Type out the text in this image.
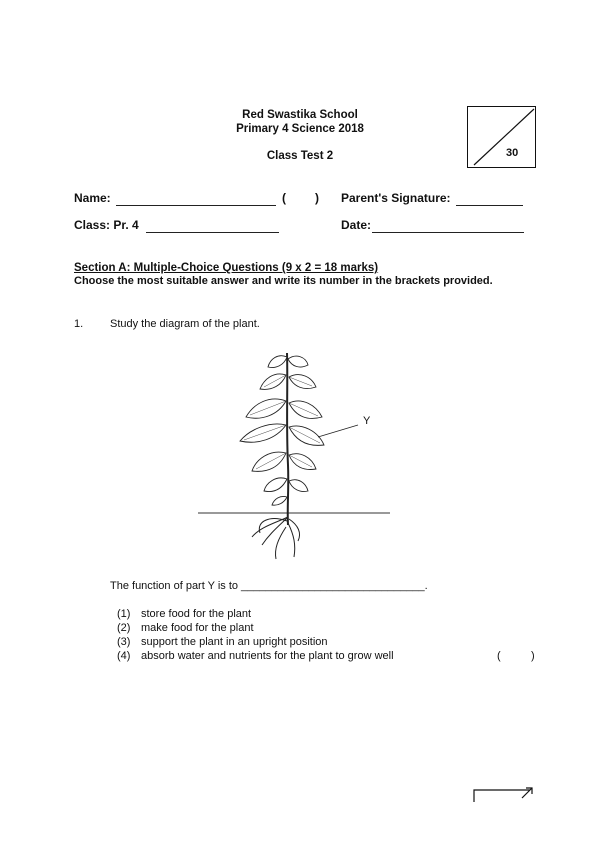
Red Swastika School
Primary 4 Science 2018
Class Test 2	30
Name:	( ) Parent's Signature:
Class: Pr. 4	Date:
Section A: Multiple-Choice Questions (9 x 2 = 18 marks)
Choose the most suitable answer and write its number in the brackets provided.
1. Study the diagram of the plant.
Y
The function of part Y is to ______________________________.
(1) store food for the plant
(2) make food for the plant
(3) support the plant in an upright position
(4) absorb water and nutrients for the plant to grow well	(	)
